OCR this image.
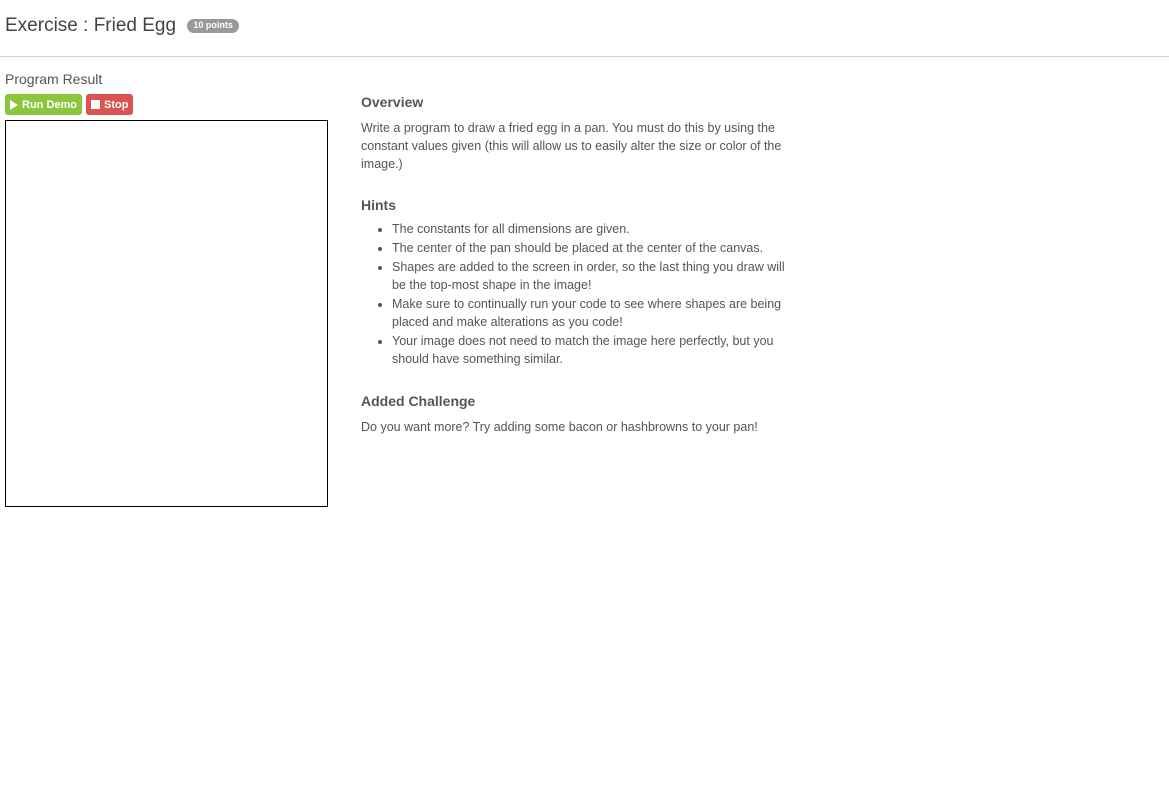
Exercise : Fried Egg 10 points
Program Result
Run Demo Stop	Overview

Write a program to draw a fried egg in a pan. You must do this by using the constant values given (this will allow us to easily alter the size or color of the image.)

Hints
• The constants for all dimensions are given.
• The center of the pan should be placed at the center of the canvas.
• Shapes are added to the screen in order, so the last thing you draw will be the top-most shape in the image!
• Make sure to continually run your code to see where shapes are being placed and make alterations as you code!
• Your image does not need to match the image here perfectly, but you should have something similar.
Added Challenge

Do you want more? Try adding some bacon or hashbrowns to your pan!
